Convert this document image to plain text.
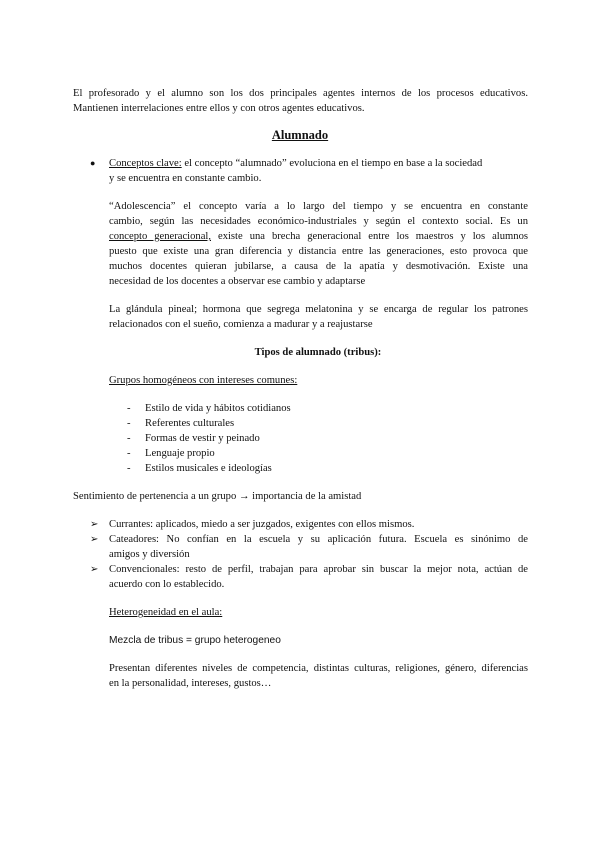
El profesorado y el alumno son los dos principales agentes internos de los procesos educativos.
Mantienen interrelaciones entre ellos y con otros agentes educativos.
Alumnado
● Conceptos clave: el concepto “alumnado” evoluciona en el tiempo en base a la sociedad
y se encuentra en constante cambio.
“Adolescencia” el concepto varía a lo largo del tiempo y se encuentra en constante
cambio, según las necesidades económico-industriales y según el contexto social. Es un
concepto generacional, existe una brecha generacional entre los maestros y los alumnos
puesto que existe una gran diferencia y distancia entre las generaciones, esto provoca que
muchos docentes quieran jubilarse, a causa de la apatía y desmotivación. Existe una
necesidad de los docentes a observar ese cambio y adaptarse
La glándula pineal; hormona que segrega melatonina y se encarga de regular los patrones
relacionados con el sueño, comienza a madurar y a reajustarse
Tipos de alumnado (tribus):
Grupos homogéneos con intereses comunes:
- Estilo de vida y hábitos cotidianos
- Referentes culturales
- Formas de vestir y peinado
- Lenguaje propio
- Estilos musicales e ideologías
Sentimiento de pertenencia a un grupo → importancia de la amistad
➢ Currantes: aplicados, miedo a ser juzgados, exigentes con ellos mismos.
➢ Cateadores: No confían en la escuela y su aplicación futura. Escuela es sinónimo de
amigos y diversión
➢ Convencionales: resto de perfil, trabajan para aprobar sin buscar la mejor nota, actúan de
acuerdo con lo establecido.
Heterogeneidad en el aula:
Mezcla de tribus = grupo heterogeneo
Presentan diferentes niveles de competencia, distintas culturas, religiones, género, diferencias
en la personalidad, intereses, gustos…
